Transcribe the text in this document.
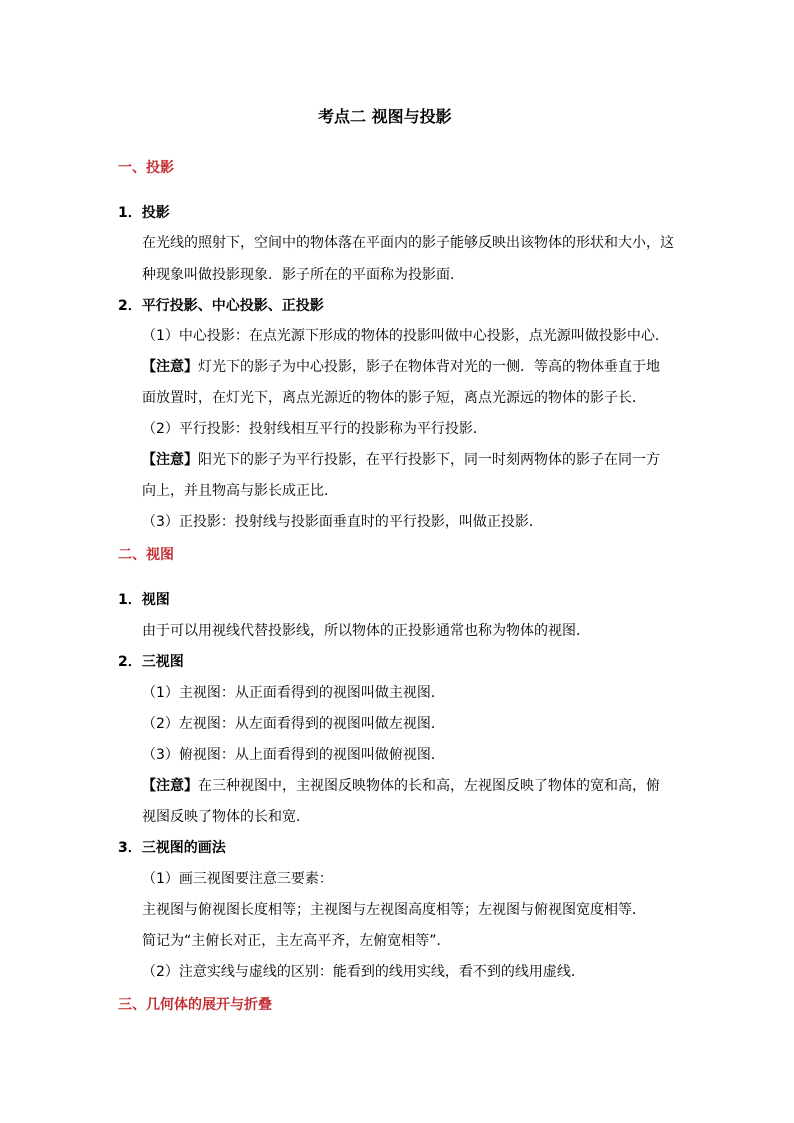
考点二 视图与投影
一、投影
1．投影
在光线的照射下，空间中的物体落在平面内的影子能够反映出该物体的形状和大小，这
种现象叫做投影现象．影子所在的平面称为投影面．
2．平行投影、中心投影、正投影
（1）中心投影：在点光源下形成的物体的投影叫做中心投影，点光源叫做投影中心．
【注意】灯光下的影子为中心投影，影子在物体背对光的一侧．等高的物体垂直于地
面放置时，在灯光下，离点光源近的物体的影子短，离点光源远的物体的影子长．
（2）平行投影：投射线相互平行的投影称为平行投影．
【注意】阳光下的影子为平行投影，在平行投影下，同一时刻两物体的影子在同一方
向上，并且物高与影长成正比．
（3）正投影：投射线与投影面垂直时的平行投影，叫做正投影．
二、视图
1．视图
由于可以用视线代替投影线，所以物体的正投影通常也称为物体的视图．
2．三视图
（1）主视图：从正面看得到的视图叫做主视图．
（2）左视图：从左面看得到的视图叫做左视图．
（3）俯视图：从上面看得到的视图叫做俯视图．
【注意】在三种视图中，主视图反映物体的长和高，左视图反映了物体的宽和高，俯
视图反映了物体的长和宽．
3．三视图的画法
（1）画三视图要注意三要素：
主视图与俯视图长度相等；主视图与左视图高度相等；左视图与俯视图宽度相等．
简记为“主俯长对正，主左高平齐，左俯宽相等”．
（2）注意实线与虚线的区别：能看到的线用实线，看不到的线用虚线．
三、几何体的展开与折叠
